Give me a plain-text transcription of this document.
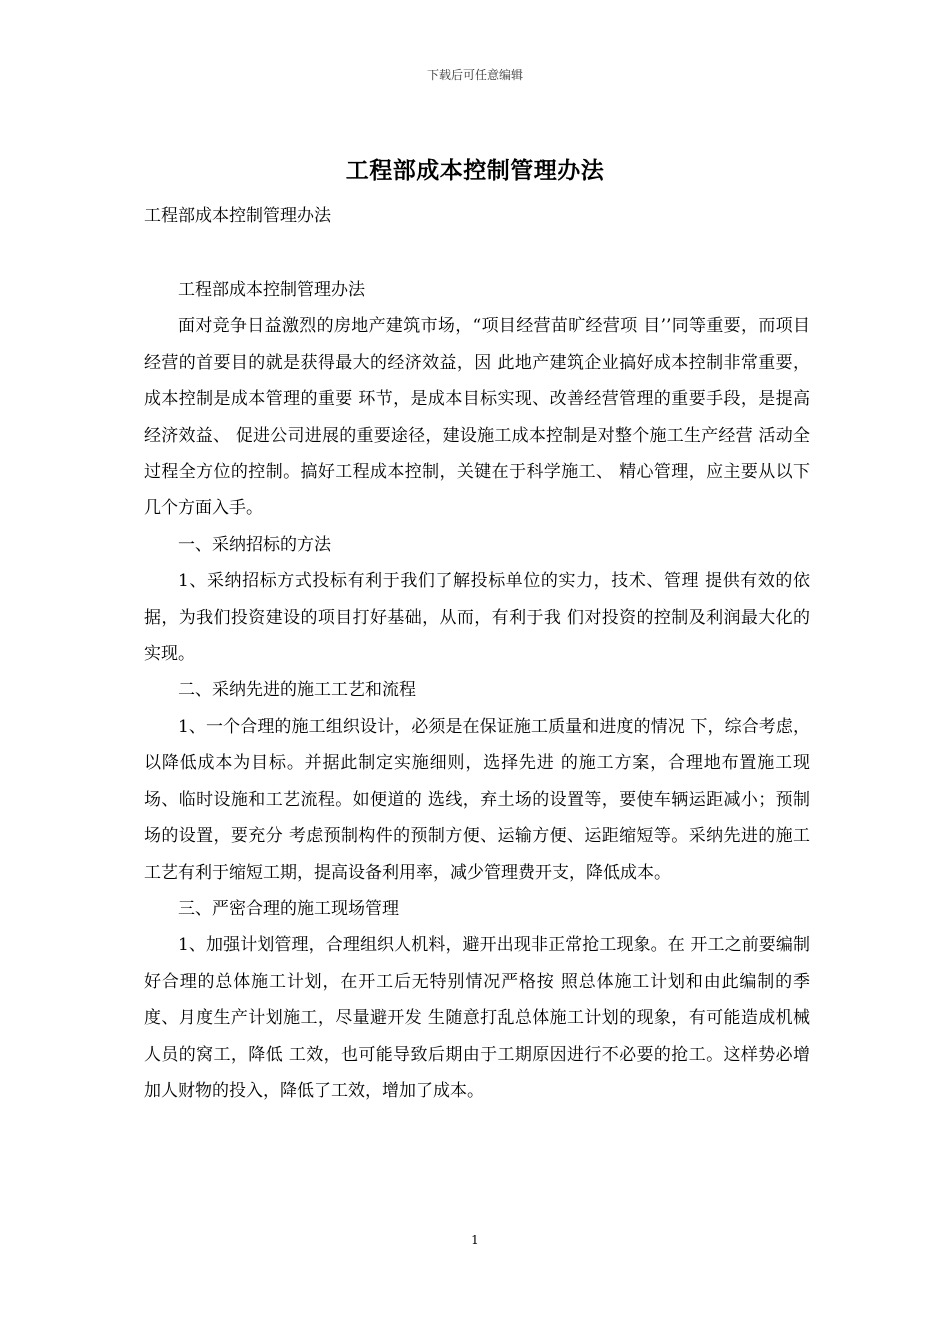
下载后可任意编辑
工程部成本控制管理办法
工程部成本控制管理办法

工程部成本控制管理办法

面对竞争日益激烈的房地产建筑市场，“项目经营苗旷经营项 目’’同等重要，而项目经营的首要目的就是获得最大的经济效益，因 此地产建筑企业搞好成本控制非常重要，成本控制是成本管理的重要 环节，是成本目标实现、改善经营管理的重要手段，是提高经济效益、 促进公司进展的重要途径，建设施工成本控制是对整个施工生产经营 活动全过程全方位的控制。搞好工程成本控制，关键在于科学施工、 精心管理，应主要从以下几个方面入手。

一、采纳招标的方法

1、采纳招标方式投标有利于我们了解投标单位的实力，技术、管理 提供有效的依据，为我们投资建设的项目打好基础，从而，有利于我 们对投资的控制及利润最大化的实现。

二、采纳先进的施工工艺和流程

1、一个合理的施工组织设计，必须是在保证施工质量和进度的情况 下，综合考虑，以降低成本为目标。并据此制定实施细则，选择先进 的施工方案，合理地布置施工现场、临时设施和工艺流程。如便道的 选线，弃土场的设置等，要使车辆运距减小；预制场的设置，要充分 考虑预制构件的预制方便、运输方便、运距缩短等。采纳先进的施工 工艺有利于缩短工期，提高设备利用率，减少管理费开支，降低成本。

三、严密合理的施工现场管理

1、加强计划管理，合理组织人机料，避开出现非正常抢工现象。在 开工之前要编制好合理的总体施工计划，在开工后无特别情况严格按 照总体施工计划和由此编制的季度、月度生产计划施工，尽量避开发 生随意打乱总体施工计划的现象，有可能造成机械人员的窝工，降低 工效，也可能导致后期由于工期原因进行不必要的抢工。这样势必增 加人财物的投入，降低了工效，增加了成本。

1
